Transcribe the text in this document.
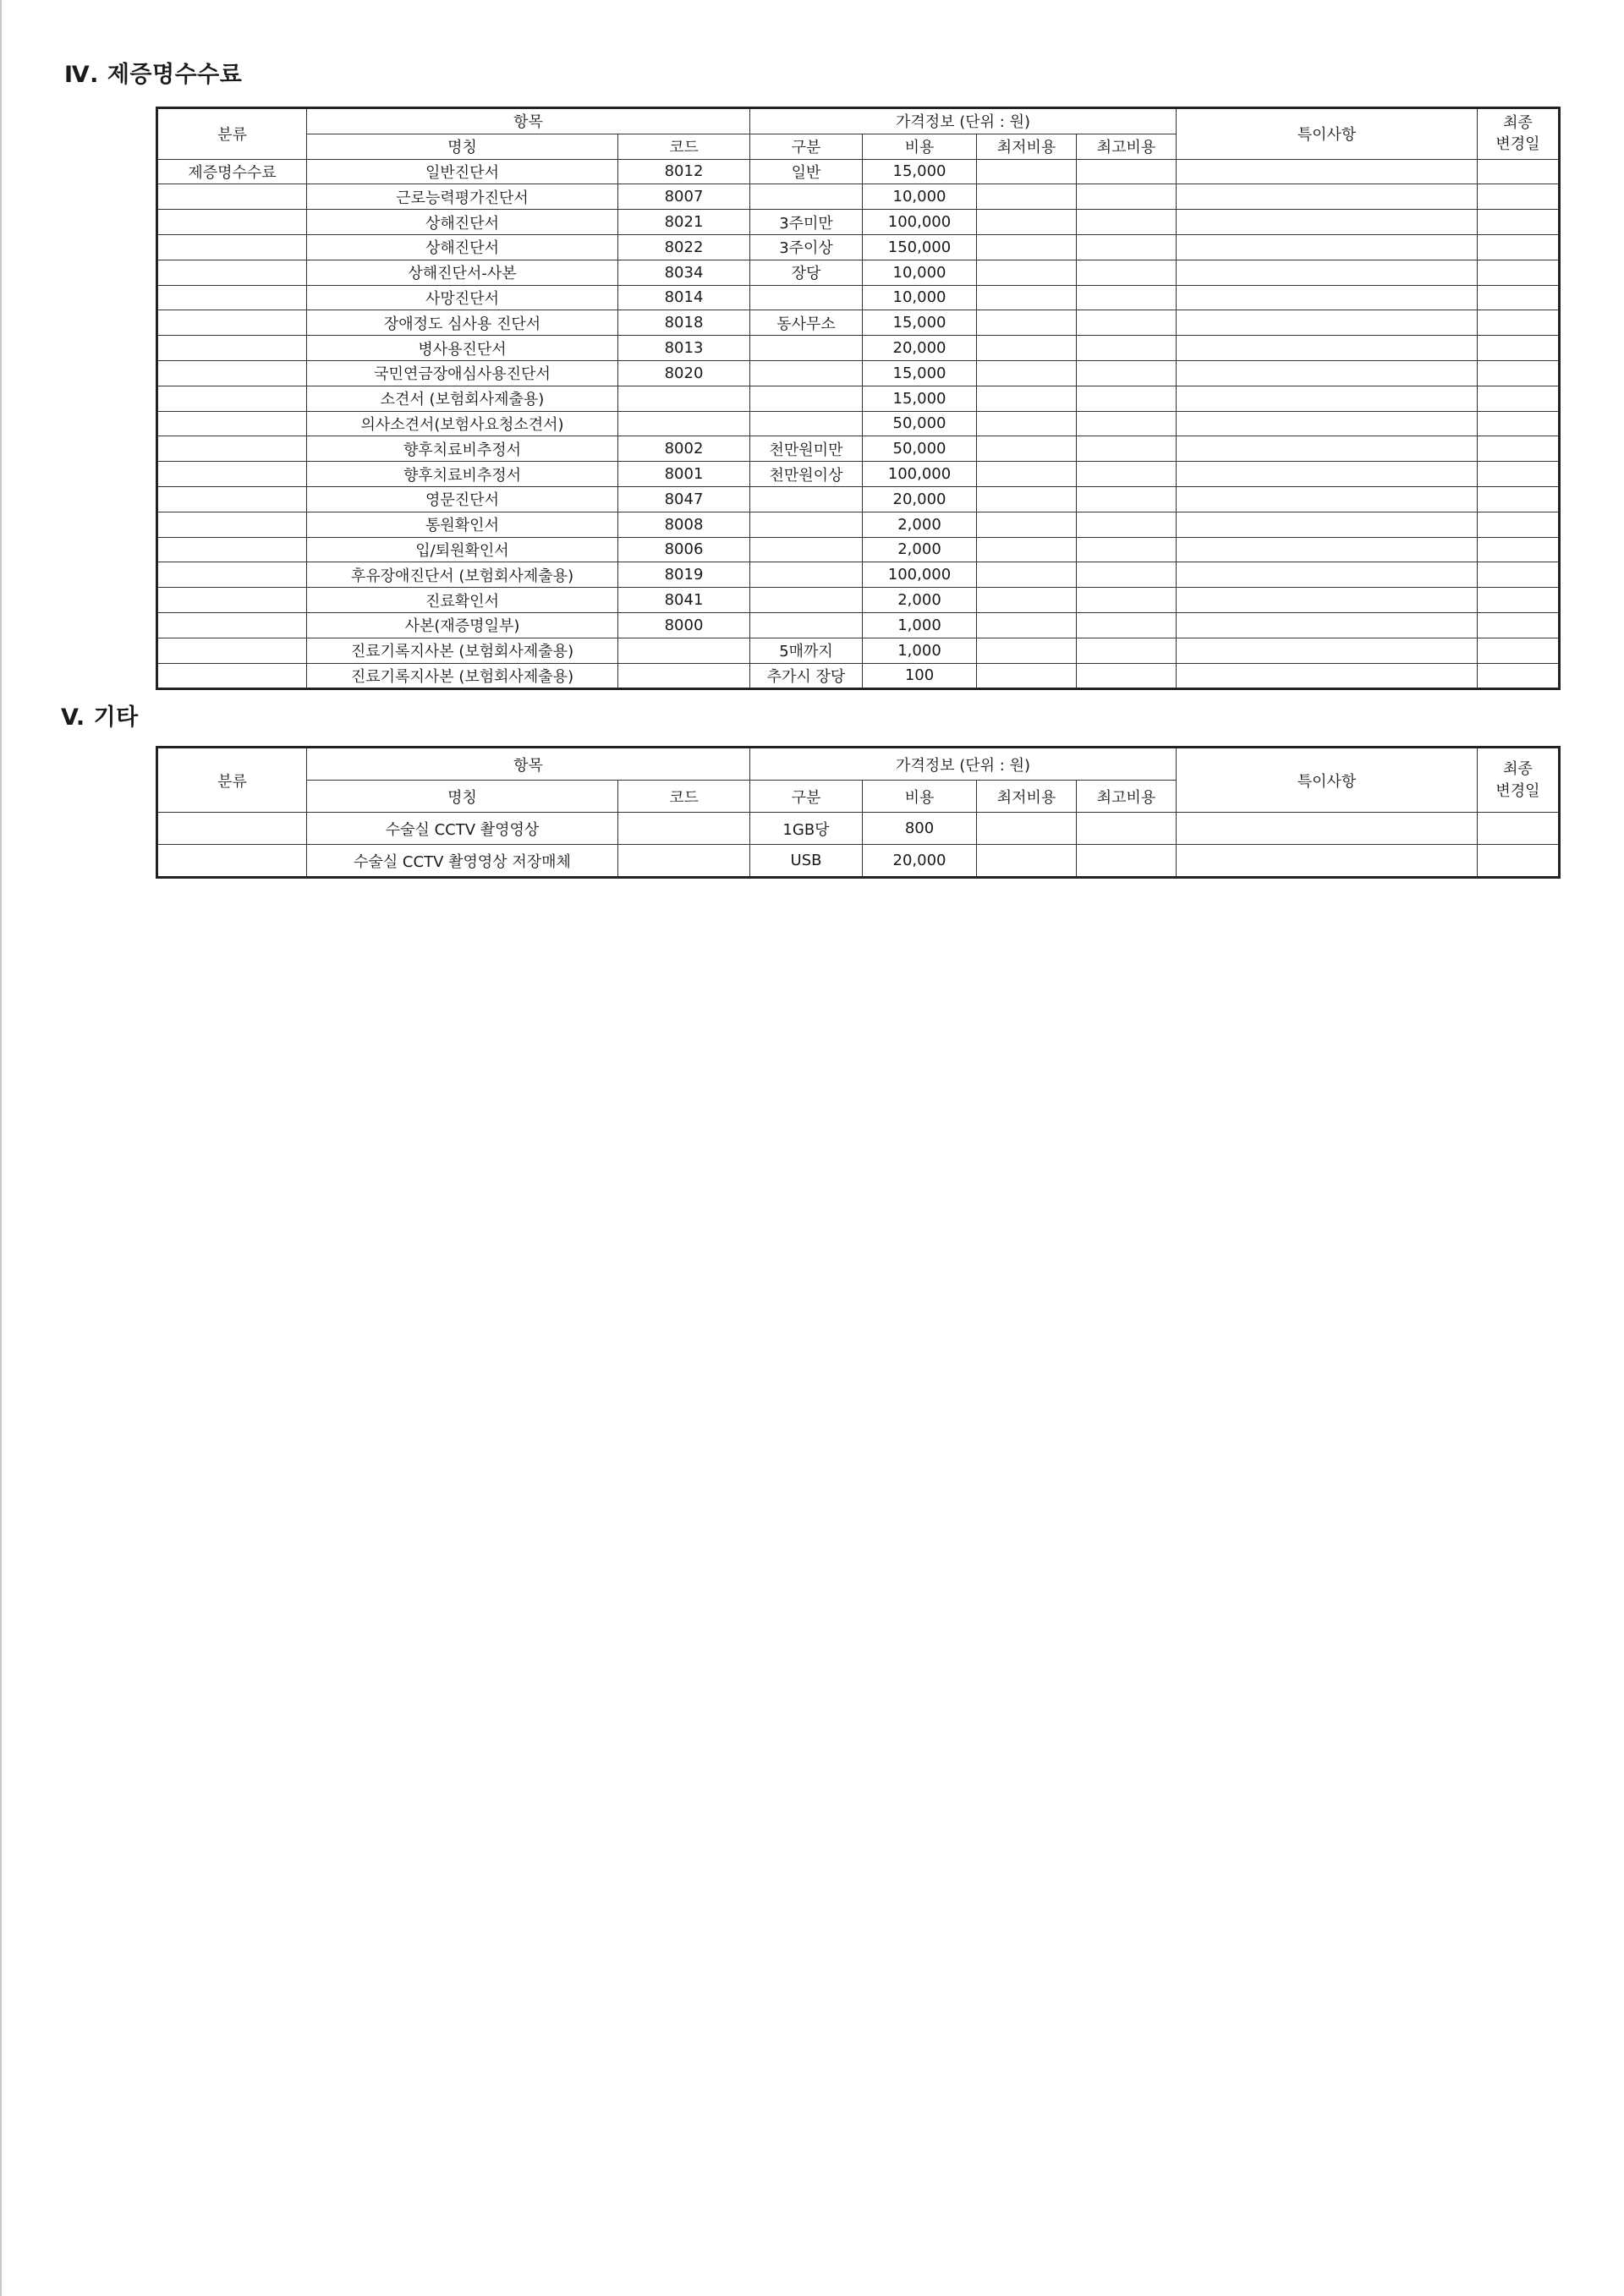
Ⅳ. 제증명수수료
분류	항목		가격정보 (단위 : 원)				특이사항	최종
변경일
	명칭	코드	구분	비용	최저비용	최고비용		
제증명수수료	일반진단서	8012	일반	15,000				
	근로능력평가진단서	8007		10,000				
	상해진단서	8021	3주미만	100,000				
	상해진단서	8022	3주이상	150,000				
	상해진단서-사본	8034	장당	10,000				
	사망진단서	8014		10,000				
	장애정도 심사용 진단서	8018	동사무소	15,000				
	병사용진단서	8013		20,000				
	국민연금장애심사용진단서	8020		15,000				
	소견서 (보험회사제출용)			15,000				
	의사소견서(보험사요청소견서)			50,000				
	향후치료비추정서	8002	천만원미만	50,000				
	향후치료비추정서	8001	천만원이상	100,000				
	영문진단서	8047		20,000				
	통원확인서	8008		2,000				
	입/퇴원확인서	8006		2,000				
	후유장애진단서 (보험회사제출용)	8019		100,000				
	진료확인서	8041		2,000				
	사본(재증명일부)	8000		1,000				
	진료기록지사본 (보험회사제출용)		5매까지	1,000				
	진료기록지사본 (보험회사제출용)		추가시 장당	100				
V. 기타
분류	항목		가격정보 (단위 : 원)				특이사항	최종
변경일
	명칭	코드	구분	비용	최저비용	최고비용		
	수술실 CCTV 촬영영상		1GB당	800				
	수술실 CCTV 촬영영상 저장매체		USB	20,000				
